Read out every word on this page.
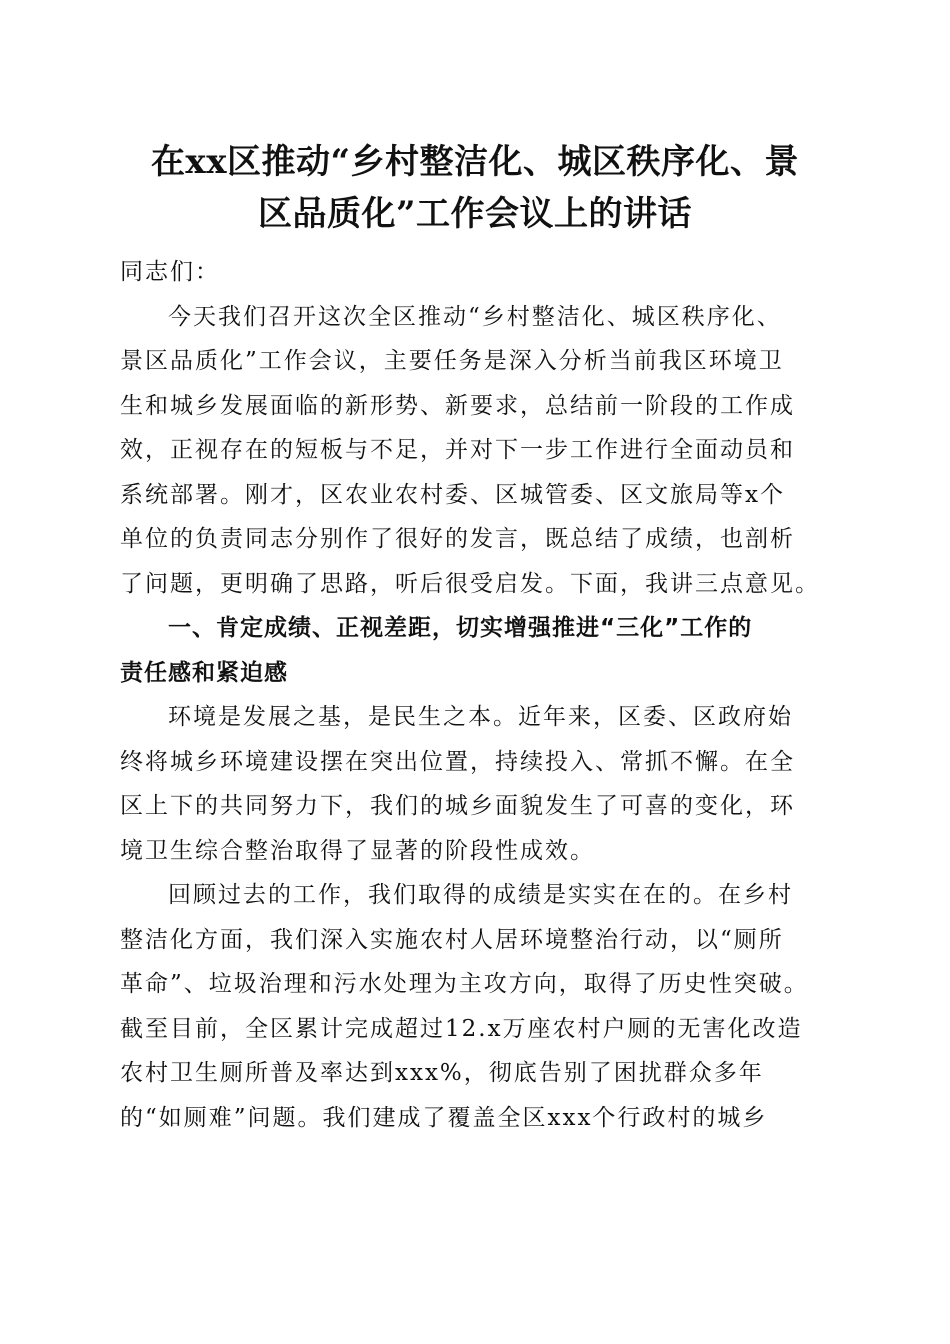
在xx区推动“乡村整洁化、城区秩序化、景
区品质化”工作会议上的讲话
同志们：
今天我们召开这次全区推动“乡村整洁化、城区秩序化、
景区品质化”工作会议，主要任务是深入分析当前我区环境卫
生和城乡发展面临的新形势、新要求，总结前一阶段的工作成
效，正视存在的短板与不足，并对下一步工作进行全面动员和
系统部署。刚才，区农业农村委、区城管委、区文旅局等x个
单位的负责同志分别作了很好的发言，既总结了成绩，也剖析
了问题，更明确了思路，听后很受启发。下面，我讲三点意见。
一、肯定成绩、正视差距，切实增强推进“三化”工作的
责任感和紧迫感
环境是发展之基，是民生之本。近年来，区委、区政府始
终将城乡环境建设摆在突出位置，持续投入、常抓不懈。在全
区上下的共同努力下，我们的城乡面貌发生了可喜的变化，环
境卫生综合整治取得了显著的阶段性成效。
回顾过去的工作，我们取得的成绩是实实在在的。在乡村
整洁化方面，我们深入实施农村人居环境整治行动，以“厕所
革命”、垃圾治理和污水处理为主攻方向，取得了历史性突破。
截至目前，全区累计完成超过12.x万座农村户厕的无害化改造
农村卫生厕所普及率达到xxx%，彻底告别了困扰群众多年
的“如厕难”问题。我们建成了覆盖全区xxx个行政村的城乡
